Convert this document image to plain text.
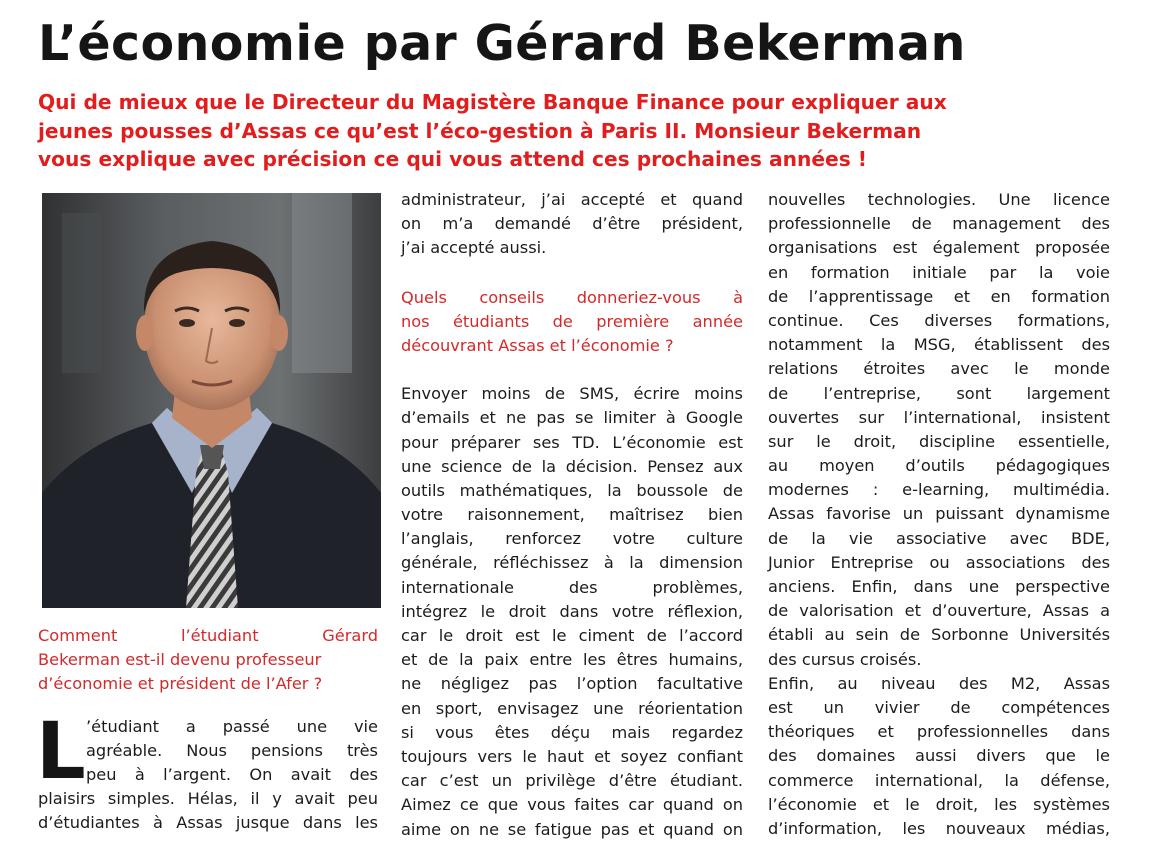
L’économie par Gérard Bekerman
Qui de mieux que le Directeur du Magistère Banque Finance pour expliquer aux
jeunes pousses d’Assas ce qu’est l’éco-gestion à Paris II. Monsieur Bekerman
vous explique avec précision ce qui vous attend ces prochaines années !
Comment l’étudiant Gérard
Bekerman est-il devenu professeur
d’économie et président de l’Afer ?
L ’étudiant a passé une vie
agréable. Nous pensions très
peu à l’argent. On avait des
plaisirs simples. Hélas, il y avait peu
d’étudiantes à Assas jusque dans les
administrateur, j’ai accepté et quand
on m’a demandé d’être président,
j’ai accepté aussi.
Quels conseils donneriez-vous à
nos étudiants de première année
découvrant Assas et l’économie ?
Envoyer moins de SMS, écrire moins
d’emails et ne pas se limiter à Google
pour préparer ses TD. L’économie est
une science de la décision. Pensez aux
outils mathématiques, la boussole de
votre raisonnement, maîtrisez bien
l’anglais, renforcez votre culture
générale, réfléchissez à la dimension
internationale des problèmes,
intégrez le droit dans votre réflexion,
car le droit est le ciment de l’accord
et de la paix entre les êtres humains,
ne négligez pas l’option facultative
en sport, envisagez une réorientation
si vous êtes déçu mais regardez
toujours vers le haut et soyez confiant
car c’est un privilège d’être étudiant.
Aimez ce que vous faites car quand on
aime on ne se fatigue pas et quand on
nouvelles technologies. Une licence
professionnelle de management des
organisations est également proposée
en formation initiale par la voie
de l’apprentissage et en formation
continue. Ces diverses formations,
notamment la MSG, établissent des
relations étroites avec le monde
de l’entreprise, sont largement
ouvertes sur l’international, insistent
sur le droit, discipline essentielle,
au moyen d’outils pédagogiques
modernes : e-learning, multimédia.
Assas favorise un puissant dynamisme
de la vie associative avec BDE,
Junior Entreprise ou associations des
anciens. Enfin, dans une perspective
de valorisation et d’ouverture, Assas a
établi au sein de Sorbonne Universités
des cursus croisés.
Enfin, au niveau des M2, Assas
est un vivier de compétences
théoriques et professionnelles dans
des domaines aussi divers que le
commerce international, la défense,
l’économie et le droit, les systèmes
d’information, les nouveaux médias,
